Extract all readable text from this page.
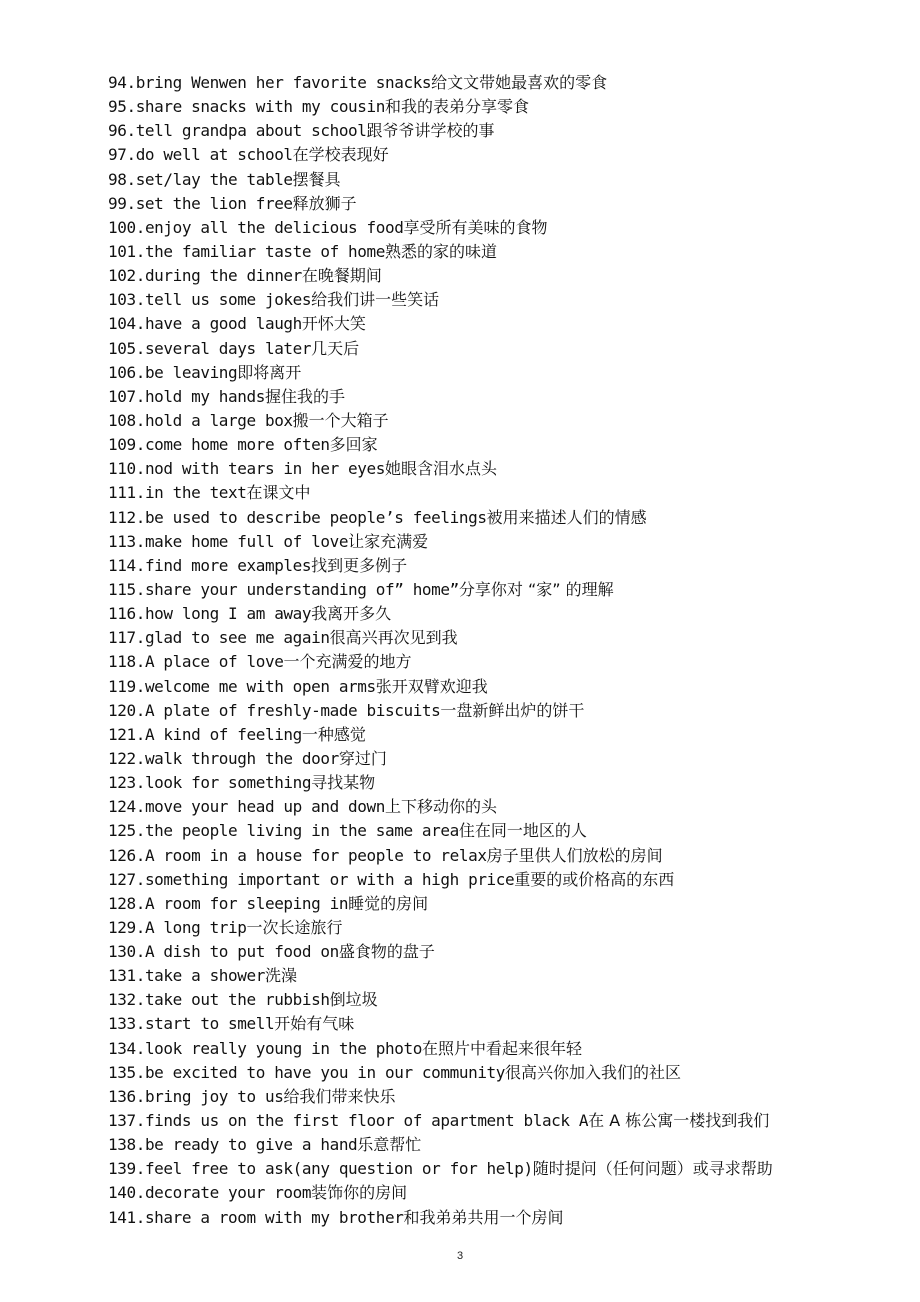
94.bring Wenwen her favorite snacks给文文带她最喜欢的零食
95.share snacks with my cousin和我的表弟分享零食
96.tell grandpa about school跟爷爷讲学校的事
97.do well at school在学校表现好
98.set/lay the table摆餐具
99.set the lion free释放狮子
100.enjoy all the delicious food享受所有美味的食物
101.the familiar taste of home熟悉的家的味道
102.during the dinner在晚餐期间
103.tell us some jokes给我们讲一些笑话
104.have a good laugh开怀大笑
105.several days later几天后
106.be leaving即将离开
107.hold my hands握住我的手
108.hold a large box搬一个大箱子
109.come home more often多回家
110.nod with tears in her eyes她眼含泪水点头
111.in the text在课文中
112.be used to describe people’s feelings被用来描述人们的情感
113.make home full of love让家充满爱
114.find more examples找到更多例子
115.share your understanding of” home”分享你对 “家” 的理解
116.how long I am away我离开多久
117.glad to see me again很高兴再次见到我
118.A place of love一个充满爱的地方
119.welcome me with open arms张开双臂欢迎我
120.A plate of freshly-made biscuits一盘新鲜出炉的饼干
121.A kind of feeling一种感觉
122.walk through the door穿过门
123.look for something寻找某物
124.move your head up and down上下移动你的头
125.the people living in the same area住在同一地区的人
126.A room in a house for people to relax房子里供人们放松的房间
127.something important or with a high price重要的或价格高的东西
128.A room for sleeping in睡觉的房间
129.A long trip一次长途旅行
130.A dish to put food on盛食物的盘子
131.take a shower洗澡
132.take out the rubbish倒垃圾
133.start to smell开始有气味
134.look really young in the photo在照片中看起来很年轻
135.be excited to have you in our community很高兴你加入我们的社区
136.bring joy to us给我们带来快乐
137.finds us on the first floor of apartment black A在 A 栋公寓一楼找到我们
138.be ready to give a hand乐意帮忙
139.feel free to ask(any question or for help)随时提问（任何问题）或寻求帮助
140.decorate your room装饰你的房间
141.share a room with my brother和我弟弟共用一个房间
3
